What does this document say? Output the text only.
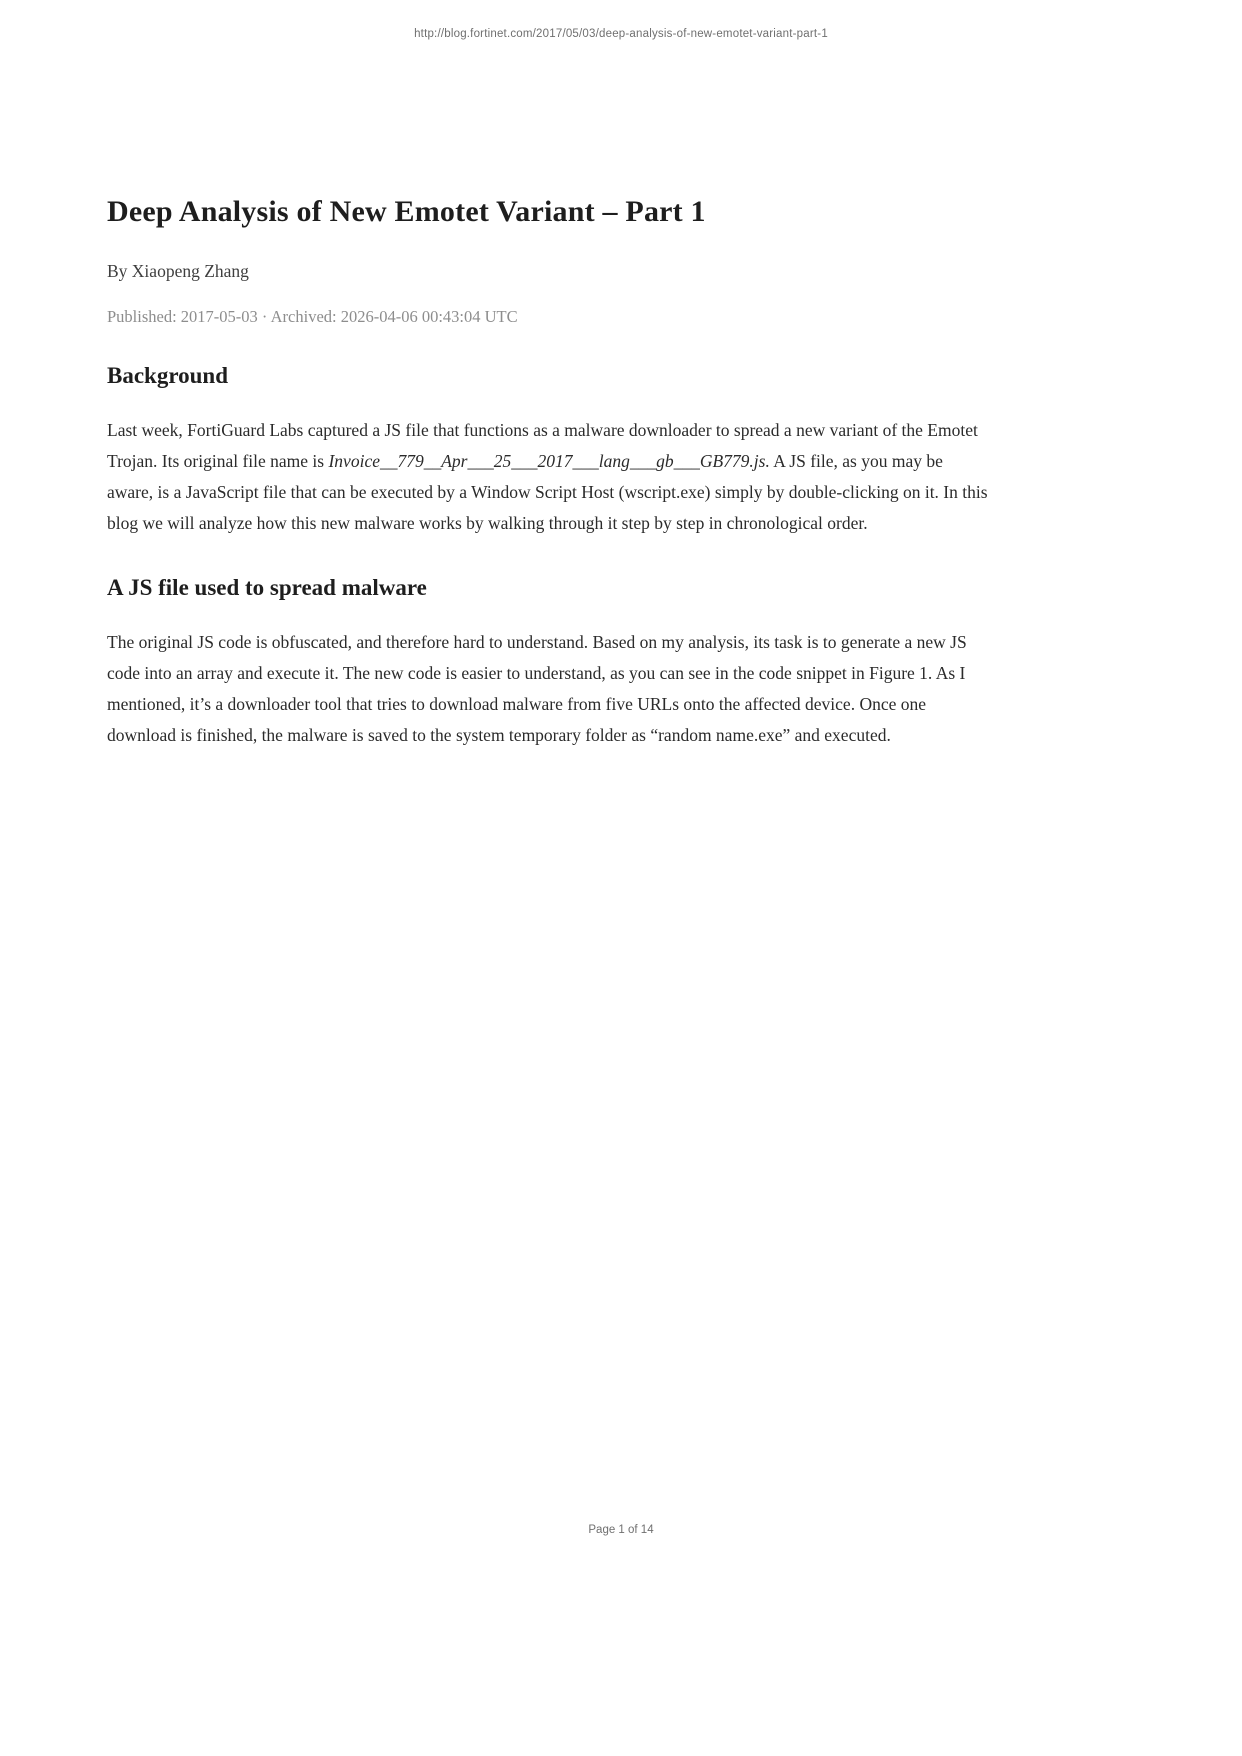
http://blog.fortinet.com/2017/05/03/deep-analysis-of-new-emotet-variant-part-1
Deep Analysis of New Emotet Variant – Part 1
By Xiaopeng Zhang
Published: 2017-05-03 · Archived: 2026-04-06 00:43:04 UTC
Background

Last week, FortiGuard Labs captured a JS file that functions as a malware downloader to spread a new variant of the Emotet Trojan. Its original file name is Invoice__779__Apr___25___2017___lang___gb___GB779.js. A JS file, as you may be aware, is a JavaScript file that can be executed by a Window Script Host (wscript.exe) simply by double-clicking on it. In this blog we will analyze how this new malware works by walking through it step by step in chronological order.

A JS file used to spread malware

The original JS code is obfuscated, and therefore hard to understand. Based on my analysis, its task is to generate a new JS code into an array and execute it. The new code is easier to understand, as you can see in the code snippet in Figure 1. As I mentioned, it’s a downloader tool that tries to download malware from five URLs onto the affected device. Once one download is finished, the malware is saved to the system temporary folder as “random name.exe” and executed.

Page 1 of 14
